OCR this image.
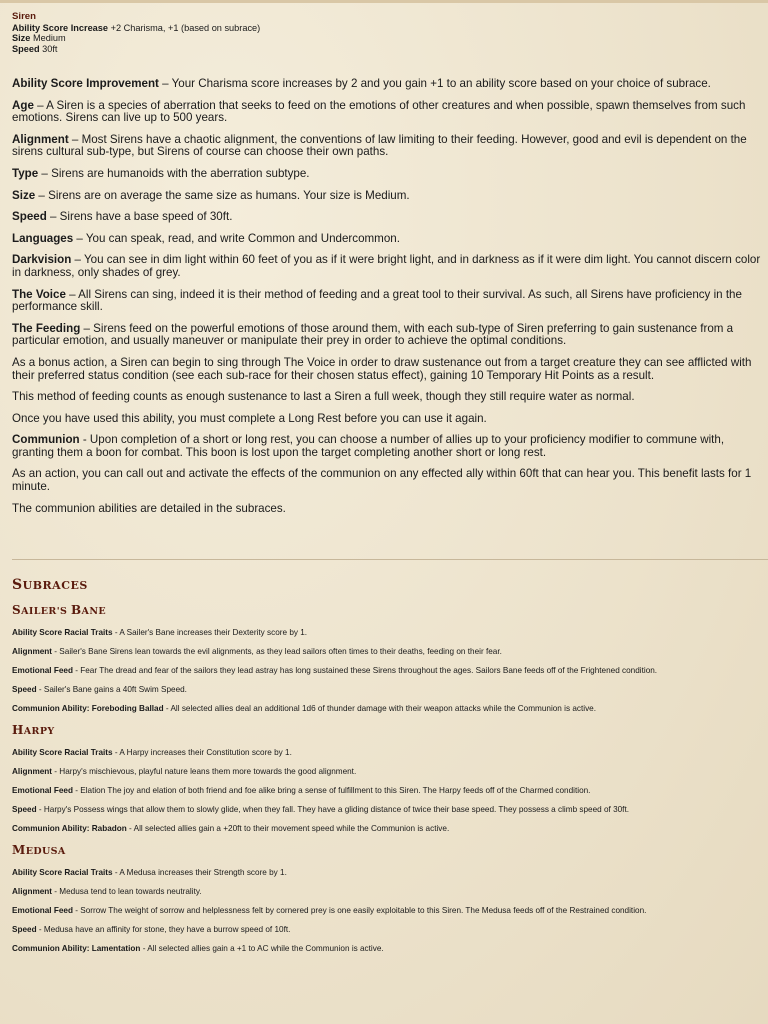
Siren
Ability Score Increase +2 Charisma, +1 (based on subrace)
Size Medium
Speed 30ft

Ability Score Improvement – Your Charisma score increases by 2 and you gain +1 to an ability score based on your choice of subrace.

Age – A Siren is a species of aberration that seeks to feed on the emotions of other creatures and when possible, spawn themselves from such emotions. Sirens can live up to 500 years.

Alignment – Most Sirens have a chaotic alignment, the conventions of law limiting to their feeding. However, good and evil is dependent on the sirens cultural sub-type, but Sirens of course can choose their own paths.

Type – Sirens are humanoids with the aberration subtype.

Size – Sirens are on average the same size as humans. Your size is Medium.

Speed – Sirens have a base speed of 30ft.

Languages – You can speak, read, and write Common and Undercommon.

Darkvision – You can see in dim light within 60 feet of you as if it were bright light, and in darkness as if it were dim light. You cannot discern color in darkness, only shades of grey.

The Voice – All Sirens can sing, indeed it is their method of feeding and a great tool to their survival. As such, all Sirens have proficiency in the performance skill.

The Feeding – Sirens feed on the powerful emotions of those around them, with each sub-type of Siren preferring to gain sustenance from a particular emotion, and usually maneuver or manipulate their prey in order to achieve the optimal conditions.

As a bonus action, a Siren can begin to sing through The Voice in order to draw sustenance out from a target creature they can see afflicted with their preferred status condition (see each sub-race for their chosen status effect), gaining 10 Temporary Hit Points as a result.

This method of feeding counts as enough sustenance to last a Siren a full week, though they still require water as normal.

Once you have used this ability, you must complete a Long Rest before you can use it again.

Communion - Upon completion of a short or long rest, you can choose a number of allies up to your proficiency modifier to commune with, granting them a boon for combat. This boon is lost upon the target completing another short or long rest.

As an action, you can call out and activate the effects of the communion on any effected ally within 60ft that can hear you. This benefit lasts for 1 minute.

The communion abilities are detailed in the subraces.

SUBRACES
SAILER'S BANE

Ability Score Racial Traits - A Sailer's Bane increases their Dexterity score by 1.

Alignment - Sailer's Bane Sirens lean towards the evil alignments, as they lead sailors often times to their deaths, feeding on their fear.

Emotional Feed - Fear The dread and fear of the sailors they lead astray has long sustained these Sirens throughout the ages. Sailors Bane feeds off of the Frightened condition.

Speed - Sailer's Bane gains a 40ft Swim Speed.

Communion Ability: Foreboding Ballad - All selected allies deal an additional 1d6 of thunder damage with their weapon attacks while the Communion is active.

HARPY

Ability Score Racial Traits - A Harpy increases their Constitution score by 1.

Alignment - Harpy's mischievous, playful nature leans them more towards the good alignment.

Emotional Feed - Elation The joy and elation of both friend and foe alike bring a sense of fulfillment to this Siren. The Harpy feeds off of the Charmed condition.

Speed - Harpy's Possess wings that allow them to slowly glide, when they fall. They have a gliding distance of twice their base speed. They possess a climb speed of 30ft.

Communion Ability: Rabadon - All selected allies gain a +20ft to their movement speed while the Communion is active.

MEDUSA

Ability Score Racial Traits - A Medusa increases their Strength score by 1.

Alignment - Medusa tend to lean towards neutrality.

Emotional Feed - Sorrow The weight of sorrow and helplessness felt by cornered prey is one easily exploitable to this Siren. The Medusa feeds off of the Restrained condition.

Speed - Medusa have an affinity for stone, they have a burrow speed of 10ft.

Communion Ability: Lamentation - All selected allies gain a +1 to AC while the Communion is active.
